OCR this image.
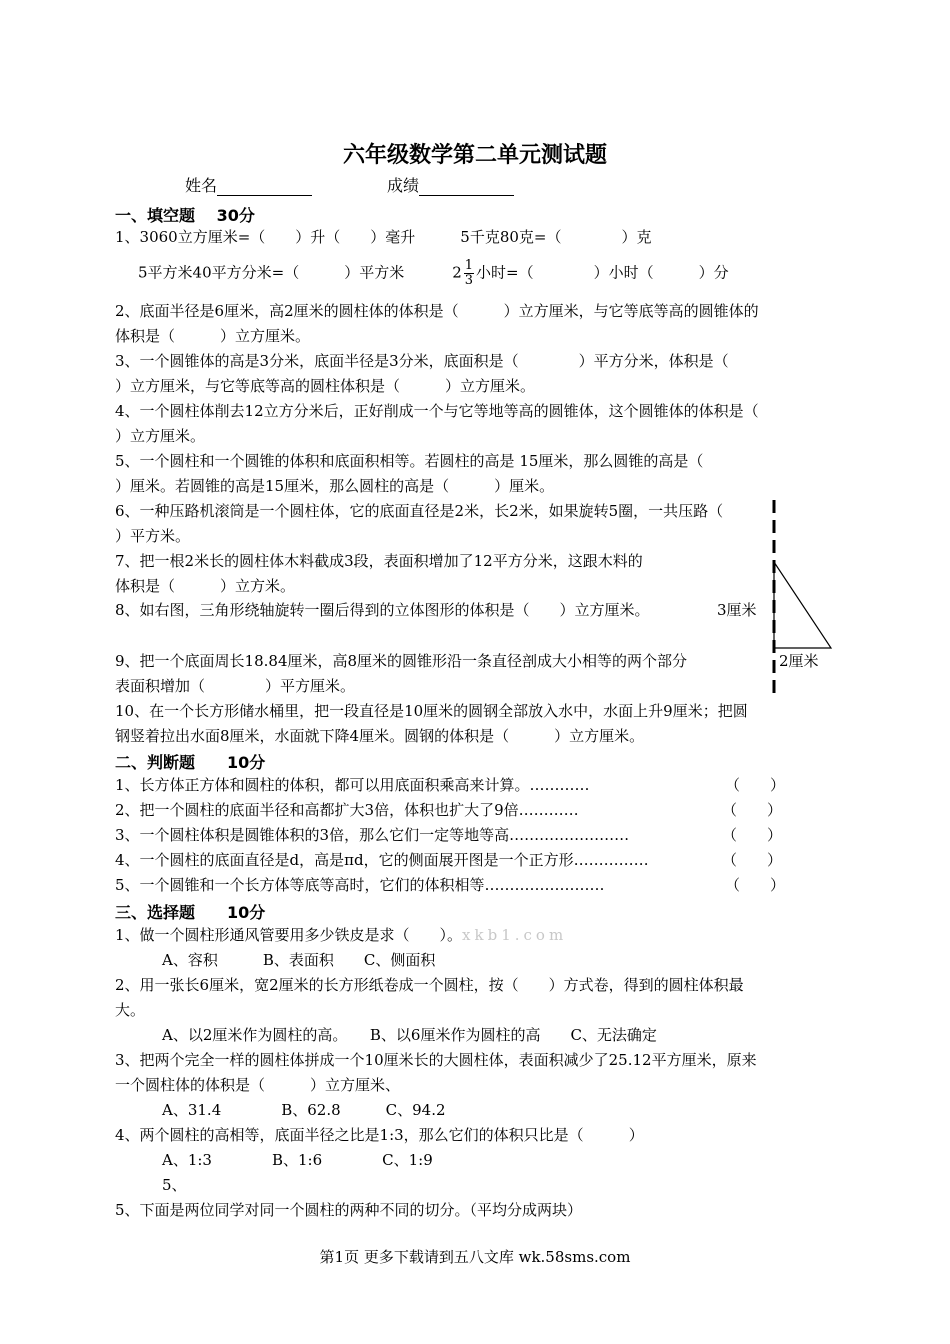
六年级数学第二单元测试题
姓名	成绩
一、填空题　 30分
1、3060立方厘米=（　　）升（　　）毫升　　　5千克80克=（　　　　）克
5平方米40平方分米=（　　　）平方米	$2 \frac{1}{3}$ 小时=（　　　　）小时（　　　）分
2、底面半径是6厘米，高2厘米的圆柱体的体积是（　　　）立方厘米，与它等底等高的圆锥体的
体积是（　　　）立方厘米。
3、一个圆锥体的高是3分米，底面半径是3分米，底面积是（　　　　）平方分米，体积是（
）立方厘米，与它等底等高的圆柱体积是（　　　）立方厘米。
4、一个圆柱体削去12立方分米后，正好削成一个与它等地等高的圆锥体，这个圆锥体的体积是（
）立方厘米。
5、一个圆柱和一个圆锥的体积和底面积相等。若圆柱的高是 15厘米，那么圆锥的高是（
）厘米。若圆锥的高是15厘米，那么圆柱的高是（　　　）厘米。
6、一种压路机滚筒是一个圆柱体，它的底面直径是2米，长2米，如果旋转5圈，一共压路（
）平方米。
7、把一根2米长的圆柱体木料截成3段，表面积增加了12平方分米，这跟木料的
体积是（　　　）立方米。
8、如右图，三角形绕轴旋转一圈后得到的立体图形的体积是（　　）立方厘米。	3厘米
2厘米
9、把一个底面周长18.84厘米，高8厘米的圆锥形沿一条直径剖成大小相等的两个部分
表面积增加（　　　　）平方厘米。
10、在一个长方形储水桶里，把一段直径是10厘米的圆钢全部放入水中，水面上升9厘米；把圆
钢竖着拉出水面8厘米，水面就下降4厘米。圆钢的体积是（　　　）立方厘米。
二、判断题　　10分
1、长方体正方体和圆柱的体积，都可以用底面积乘高来计算。…………	（　　）
2、把一个圆柱的底面半径和高都扩大3倍，体积也扩大了9倍…………	（　　）
3、一个圆柱体积是圆锥体积的3倍，那么它们一定等地等高……………………	（　　）
4、一个圆柱的底面直径是d，高是πd，它的侧面展开图是一个正方形……………	（　　）
5、一个圆锥和一个长方体等底等高时，它们的体积相等……………………	（　　）
三、选择题　　10分
1、做一个圆柱形通风管要用多少铁皮是求（　　）。xkb1.com
A、容积　　　B、表面积　　C、侧面积
2、用一张长6厘米，宽2厘米的长方形纸卷成一个圆柱，按（　　）方式卷，得到的圆柱体积最
大。
A、以2厘米作为圆柱的高。　　B、以6厘米作为圆柱的高　　C、无法确定
3、把两个完全一样的圆柱体拼成一个10厘米长的大圆柱体，表面积减少了25.12平方厘米，原来
一个圆柱体的体积是（　　　）立方厘米、
A、31.4　　　　B、62.8　　　C、94.2
4、两个圆柱的高相等，底面半径之比是1:3，那么它们的体积只比是（　　　）
A、1:3　　　　B、1:6　　　　C、1:9
5、
5、下面是两位同学对同一个圆柱的两种不同的切分。（平均分成两块）
第1页 更多下载请到五八文库 wk.58sms.com
